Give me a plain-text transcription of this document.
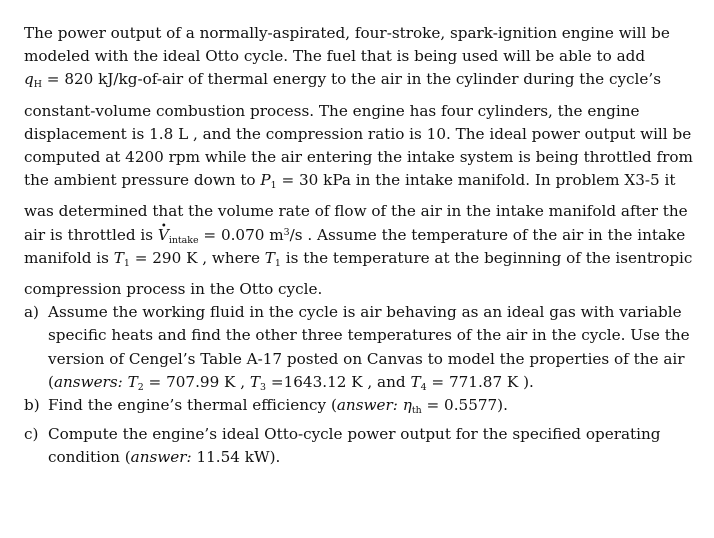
The power output of a normally-aspirated, four-stroke, spark-ignition engine will be
modeled with the ideal Otto cycle. The fuel that is being used will be able to add
$q_H = 820$ kJ/kg-of-air of thermal energy to the air in the cylinder during the cycle’s
constant-volume combustion process. The engine has four cylinders, the engine
displacement is 1.8 L , and the compression ratio is 10. The ideal power output will be
computed at 4200 rpm while the air entering the intake system is being throttled from
the ambient pressure down to $P_1 = 30$ kPa in the intake manifold. In problem X3-5 it
was determined that the volume rate of flow of the air in the intake manifold after the
air is throttled is • $V_{intake} = 0.070$ $m^3/s$ . Assume the temperature of the air in the intake
manifold is $T_1 = 290$ K , where $T_1$ is the temperature at the beginning of the isentropic
compression process in the Otto cycle.
a) Assume the working fluid in the cycle is air behaving as an ideal gas with variable
specific heats and find the other three temperatures of the air in the cycle. Use the
version of Cengel’s Table A-17 posted on Canvas to model the properties of the air
(answers: $T_2 = 707.99$ K , $T_3 =1643.12$ K , and $T_4 = 771.87$ K ).
b) Find the engine’s thermal efficiency (answer: $\eta_{th} = 0.5577$).
c) Compute the engine’s ideal Otto-cycle power output for the specified operating
condition (answer: 11.54 kW).
